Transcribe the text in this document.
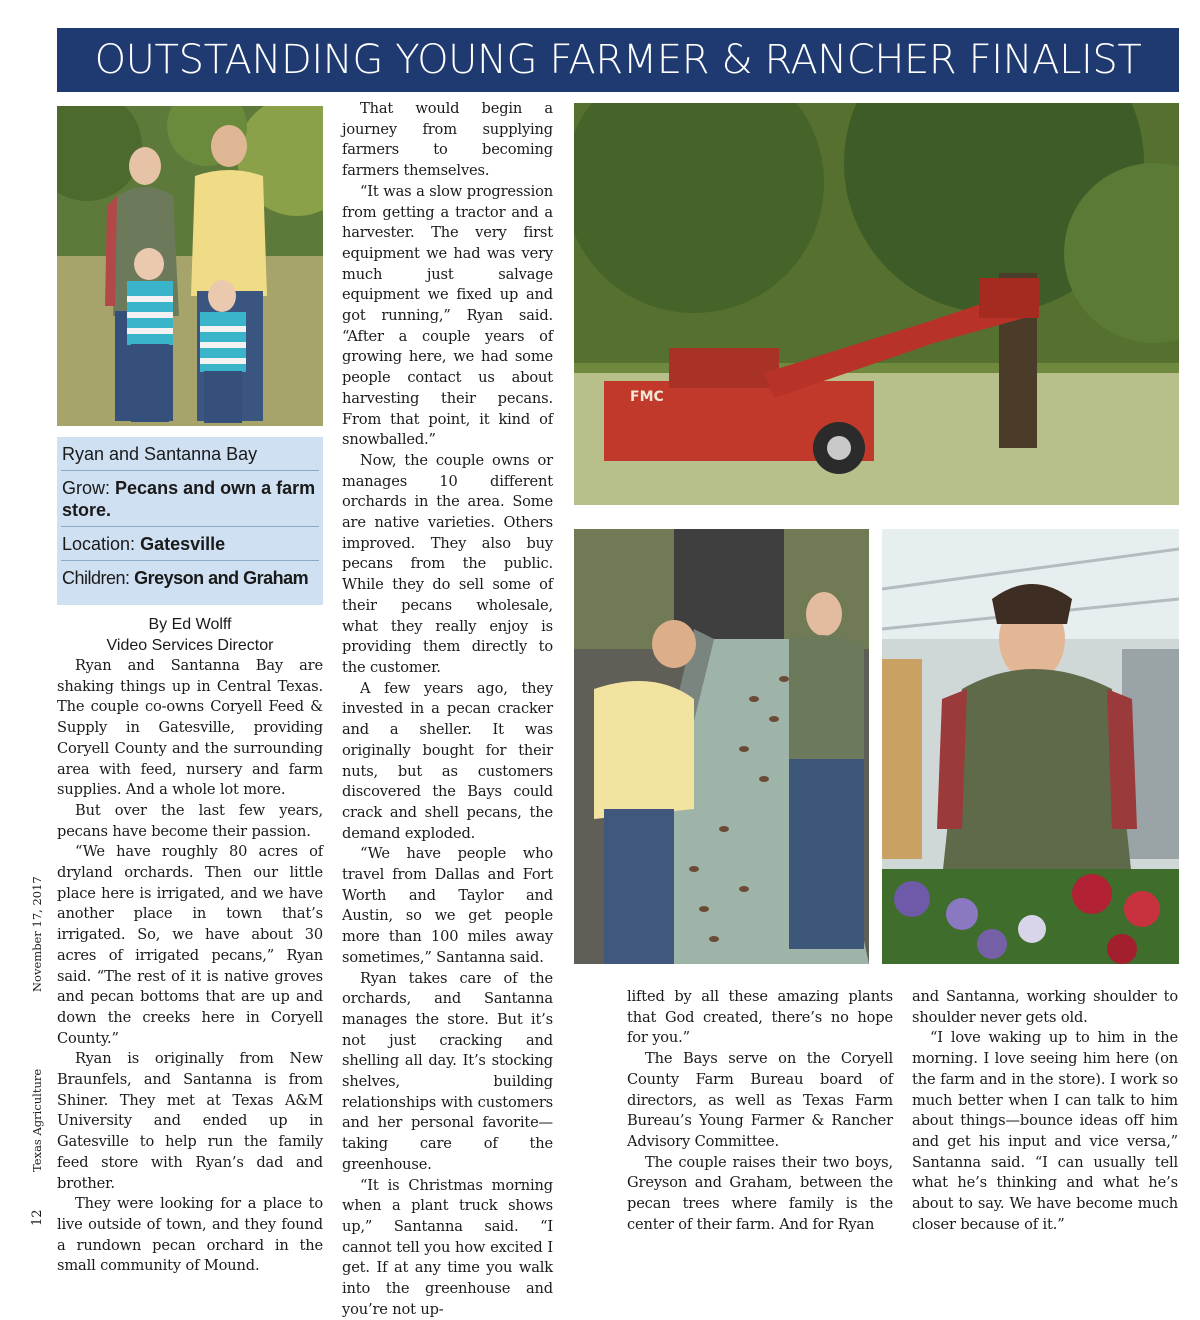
OUTSTANDING YOUNG FARMER & RANCHER FINALIST
November 17, 2017
Texas Agriculture
12
Ryan and Santanna Bay
Grow: Pecans and own a farm store.
Location: Gatesville
Children: Greyson and Graham
By Ed Wolff
Video Services Director

Ryan and Santanna Bay are shaking things up in Central Texas. The couple co-owns Coryell Feed & Supply in Gatesville, providing Coryell County and the surrounding area with feed, nursery and farm supplies. And a whole lot more.

But over the last few years, pecans have become their passion.

“We have roughly 80 acres of dryland orchards. Then our little place here is irrigated, and we have another place in town that’s irrigated. So, we have about 30 acres of irrigated pecans,” Ryan said. “The rest of it is native groves and pecan bottoms that are up and down the creeks here in Coryell County.”

Ryan is originally from New Braunfels, and Santanna is from Shiner. They met at Texas A&M University and ended up in Gatesville to help run the family feed store with Ryan’s dad and brother.

They were looking for a place to live outside of town, and they found a rundown pecan orchard in the small community of Mound.

That would begin a journey from supplying farmers to becoming farmers themselves.

“It was a slow progression from getting a tractor and a harvester. The very first equipment we had was very much just salvage equipment we fixed up and got running,” Ryan said. “After a couple years of growing here, we had some people contact us about harvesting their pecans. From that point, it kind of snowballed.”

Now, the couple owns or manages 10 different orchards in the area. Some are native varieties. Others improved. They also buy pecans from the public. While they do sell some of their pecans wholesale, what they really enjoy is providing them directly to the customer.

A few years ago, they invested in a pecan cracker and a sheller. It was originally bought for their nuts, but as customers discovered the Bays could crack and shell pecans, the demand exploded.

“We have people who travel from Dallas and Fort Worth and Taylor and Austin, so we get people more than 100 miles away sometimes,” Santanna said.

Ryan takes care of the orchards, and Santanna manages the store. But it’s not just cracking and shelling all day. It’s stocking shelves, building relationships with customers and her personal favorite—taking care of the greenhouse.

“It is Christmas morning when a plant truck shows up,” Santanna said. “I cannot tell you how excited I get. If at any time you walk into the greenhouse and you’re not up-

FMC

lifted by all these amazing plants that God created, there’s no hope for you.”

The Bays serve on the Coryell County Farm Bureau board of directors, as well as Texas Farm Bureau’s Young Farmer & Rancher Advisory Committee.

The couple raises their two boys, Greyson and Graham, between the pecan trees where family is the center of their farm. And for Ryan

and Santanna, working shoulder to shoulder never gets old.

“I love waking up to him in the morning. I love seeing him here (on the farm and in the store). I work so much better when I can talk to him about things—bounce ideas off him and get his input and vice versa,” Santanna said. “I can usually tell what he’s thinking and what he’s about to say. We have become much closer because of it.”
